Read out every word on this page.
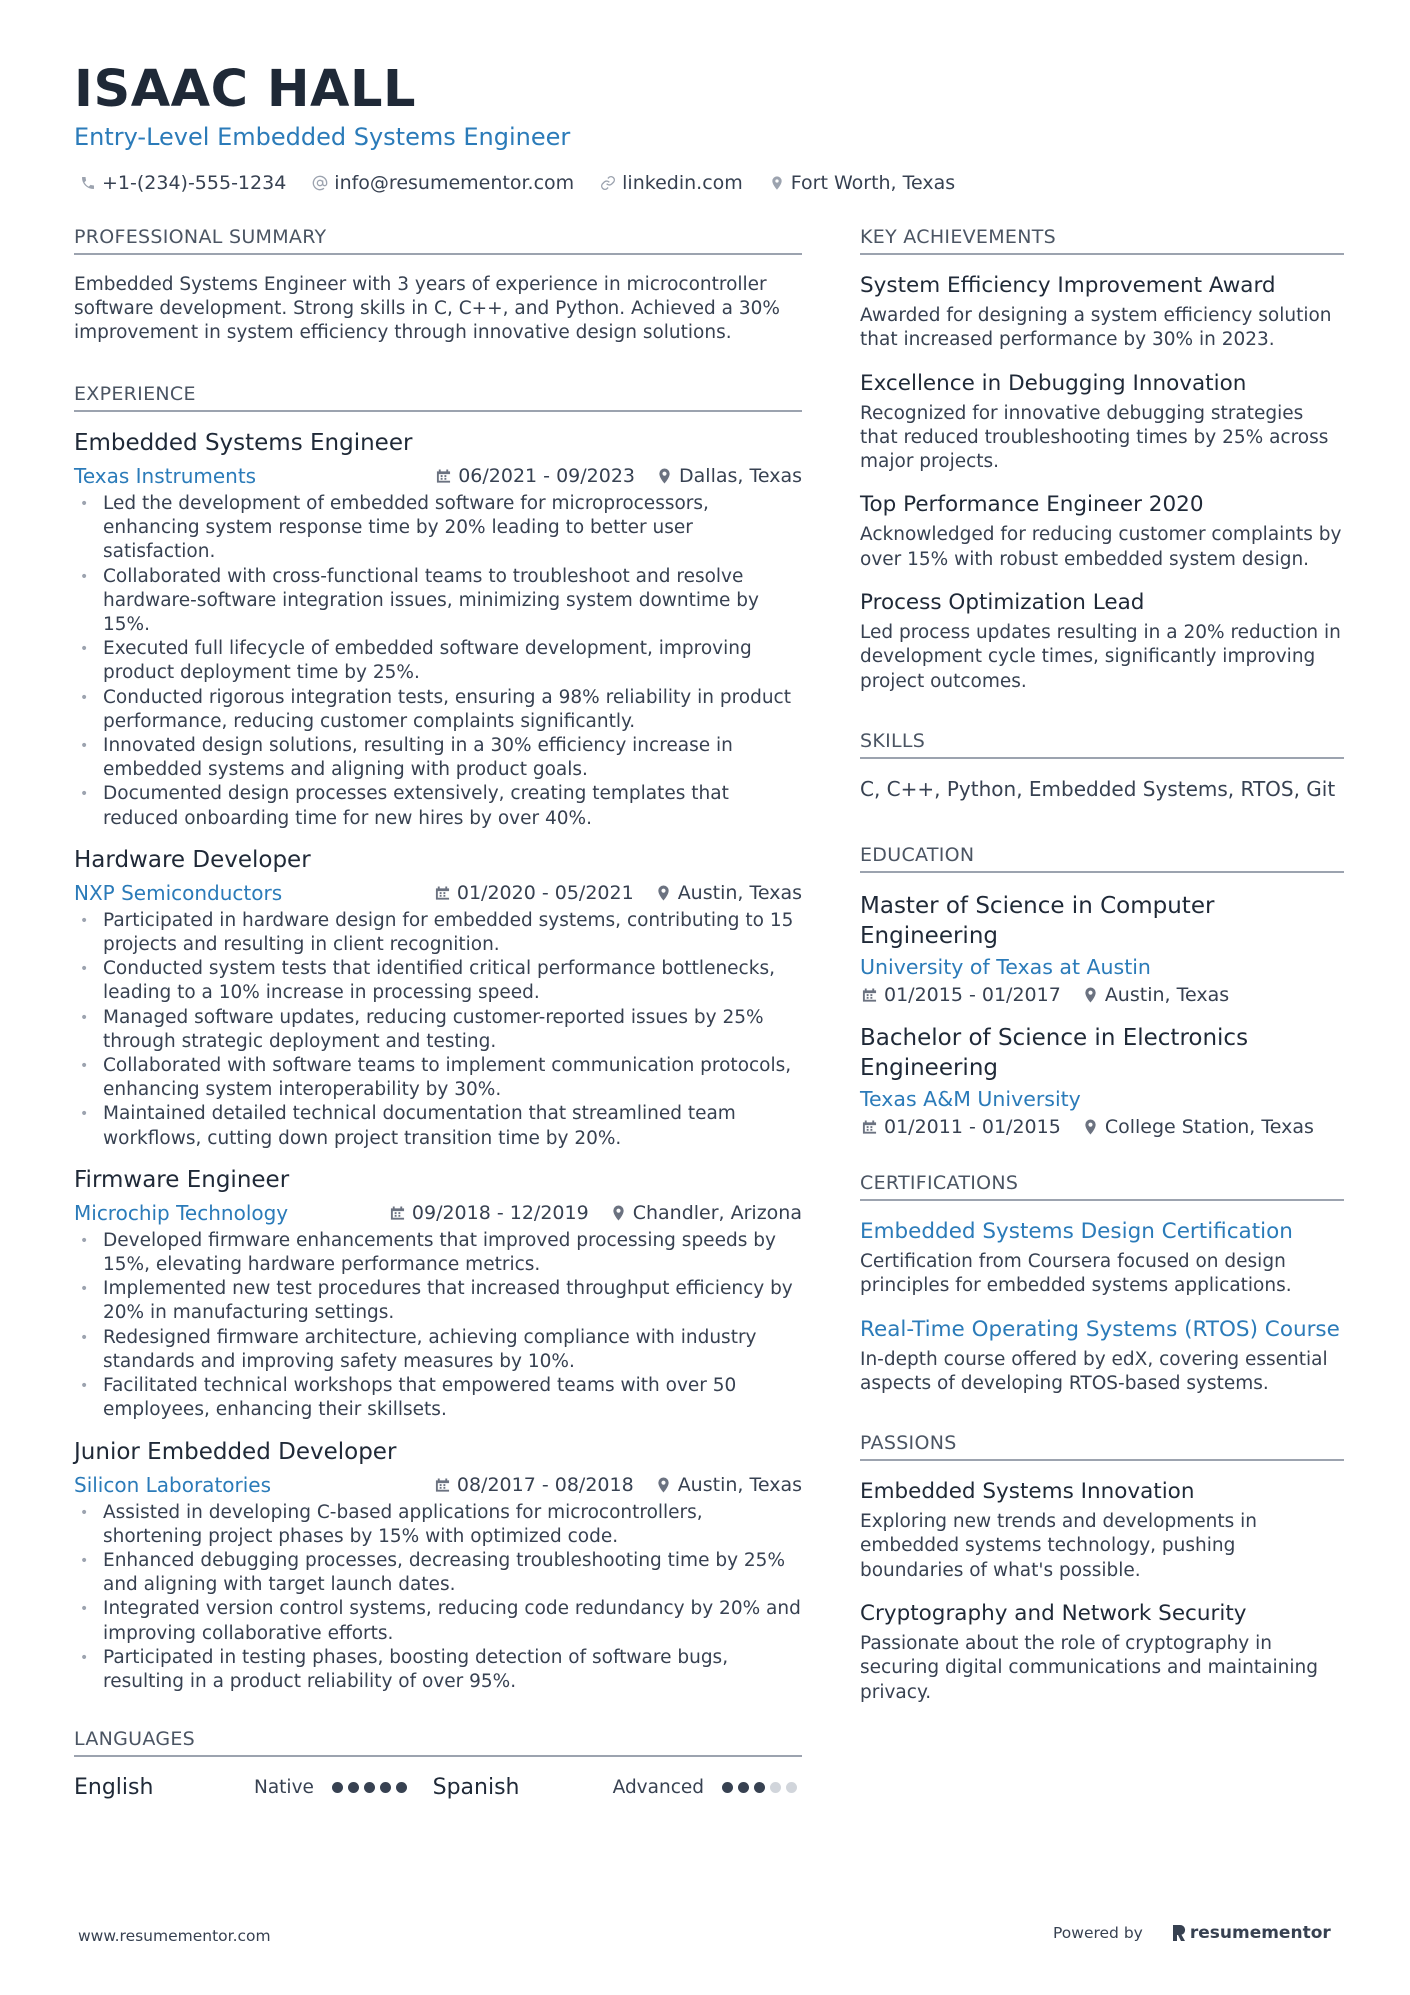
ISAAC HALL
Entry-Level Embedded Systems Engineer
+1-(234)-555-1234	info@resumementor.com	linkedin.com	Fort Worth, Texas
PROFESSIONAL SUMMARY

Embedded Systems Engineer with 3 years of experience in microcontroller software development. Strong skills in C, C++, and Python. Achieved a 30% improvement in system efficiency through innovative design solutions.

EXPERIENCE
Embedded Systems Engineer
Texas Instruments	06/2021 - 09/2023 Dallas, Texas
• Led the development of embedded software for microprocessors, enhancing system response time by 20% leading to better user satisfaction.
• Collaborated with cross-functional teams to troubleshoot and resolve hardware-software integration issues, minimizing system downtime by 15%.
• Executed full lifecycle of embedded software development, improving product deployment time by 25%.
• Conducted rigorous integration tests, ensuring a 98% reliability in product performance, reducing customer complaints significantly.
• Innovated design solutions, resulting in a 30% efficiency increase in embedded systems and aligning with product goals.
• Documented design processes extensively, creating templates that reduced onboarding time for new hires by over 40%.
Hardware Developer
NXP Semiconductors	01/2020 - 05/2021 Austin, Texas
• Participated in hardware design for embedded systems, contributing to 15 projects and resulting in client recognition.
• Conducted system tests that identified critical performance bottlenecks, leading to a 10% increase in processing speed.
• Managed software updates, reducing customer-reported issues by 25% through strategic deployment and testing.
• Collaborated with software teams to implement communication protocols, enhancing system interoperability by 30%.
• Maintained detailed technical documentation that streamlined team workflows, cutting down project transition time by 20%.
Firmware Engineer
Microchip Technology	09/2018 - 12/2019 Chandler, Arizona
• Developed firmware enhancements that improved processing speeds by 15%, elevating hardware performance metrics.
• Implemented new test procedures that increased throughput efficiency by 20% in manufacturing settings.
• Redesigned firmware architecture, achieving compliance with industry standards and improving safety measures by 10%.
• Facilitated technical workshops that empowered teams with over 50 employees, enhancing their skillsets.
Junior Embedded Developer
Silicon Laboratories	08/2017 - 08/2018 Austin, Texas
• Assisted in developing C-based applications for microcontrollers, shortening project phases by 15% with optimized code.
• Enhanced debugging processes, decreasing troubleshooting time by 25% and aligning with target launch dates.
• Integrated version control systems, reducing code redundancy by 20% and improving collaborative efforts.
• Participated in testing phases, boosting detection of software bugs, resulting in a product reliability of over 95%.
LANGUAGES
English	Native	Spanish	Advanced
KEY ACHIEVEMENTS
System Efficiency Improvement Award
Awarded for designing a system efficiency solution that increased performance by 30% in 2023.
Excellence in Debugging Innovation
Recognized for innovative debugging strategies that reduced troubleshooting times by 25% across major projects.
Top Performance Engineer 2020
Acknowledged for reducing customer complaints by over 15% with robust embedded system design.
Process Optimization Lead
Led process updates resulting in a 20% reduction in development cycle times, significantly improving project outcomes.
SKILLS

C, C++, Python, Embedded Systems, RTOS, Git

EDUCATION
Master of Science in Computer Engineering
University of Texas at Austin
01/2015 - 01/2017 Austin, Texas
Bachelor of Science in Electronics Engineering
Texas A&M University
01/2011 - 01/2015 College Station, Texas
CERTIFICATIONS
Embedded Systems Design Certification
Certification from Coursera focused on design principles for embedded systems applications.
Real-Time Operating Systems (RTOS) Course
In-depth course offered by edX, covering essential aspects of developing RTOS-based systems.
PASSIONS
Embedded Systems Innovation
Exploring new trends and developments in embedded systems technology, pushing boundaries of what's possible.
Cryptography and Network Security
Passionate about the role of cryptography in securing digital communications and maintaining privacy.
www.resumementor.com	Powered by	resumementor
